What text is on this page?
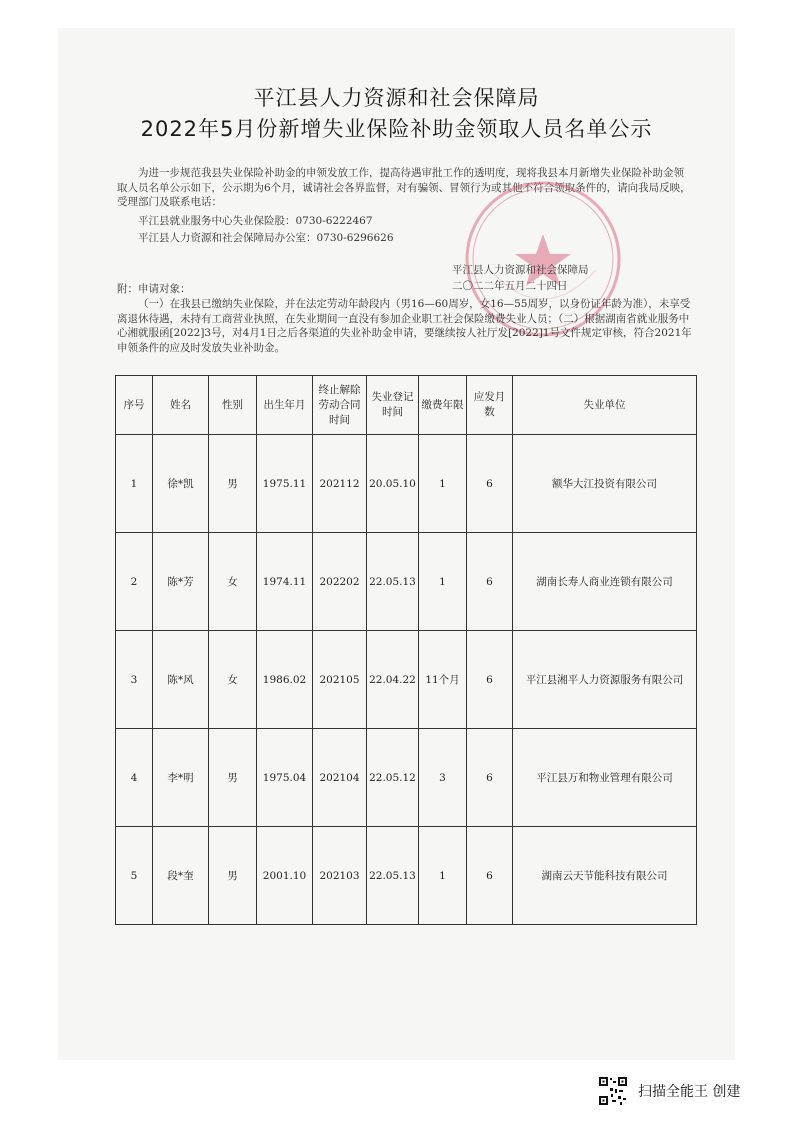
平江县人力资源和社会保障局
2022年5月份新增失业保险补助金领取人员名单公示
为进一步规范我县失业保险补助金的申领发放工作，提高待遇审批工作的透明度，现将我县本月新增失业保险补助金领取人员名单公示如下，公示期为6个月，诚请社会各界监督，对有骗领、冒领行为或其他不符合领取条件的，请向我局反映，受理部门及联系电话：
平江县就业服务中心失业保险股：0730-6222467
平江县人力资源和社会保障局办公室：0730-6296626
平江县人力资源和社会保障局
二〇二二年五月二十四日
附：申请对象：
（一）在我县已缴纳失业保险，并在法定劳动年龄段内（男16—60周岁，女16—55周岁，以身份证年龄为准），未享受离退休待遇，未持有工商营业执照，在失业期间一直没有参加企业职工社会保险缴费失业人员；（二）根据湖南省就业服务中心湘就服函[2022]3号，对4月1日之后各渠道的失业补助金申请，要继续按人社厅发[2022]1号文件规定审核，符合2021年申领条件的应及时发放失业补助金。
序号	姓名	性别	出生年月	终止解除劳动合同时间	失业登记时间	缴费年限	应发月数	失业单位
1	徐*凯	男	1975.11	202112	20.05.10	1	6	额华大江投资有限公司
2	陈*芳	女	1974.11	202202	22.05.13	1	6	湖南长寿人商业连锁有限公司
3	陈*风	女	1986.02	202105	22.04.22	11个月	6	平江县湘平人力资源服务有限公司
4	李*明	男	1975.04	202104	22.05.12	3	6	平江县万和物业管理有限公司
5	段*奎	男	2001.10	202103	22.05.13	1	6	湖南云天节能科技有限公司
扫描全能王 创建
